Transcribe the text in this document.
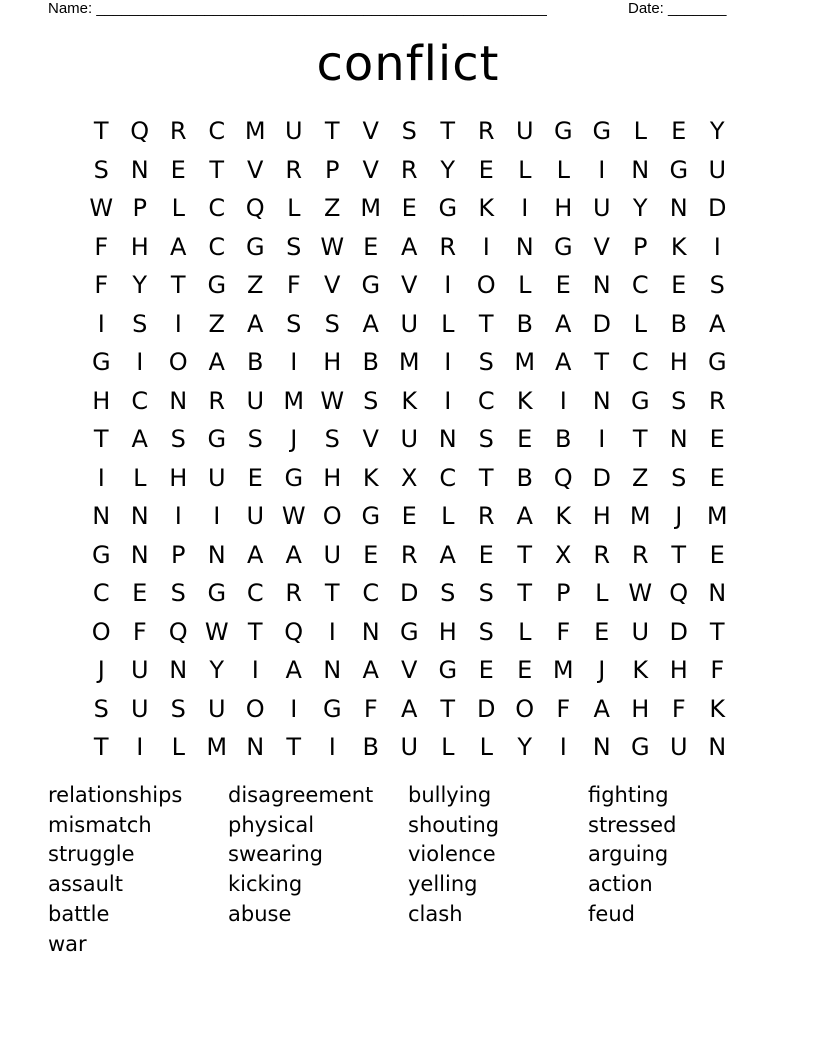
Name: ______________________________________________________	Date: _______
conflict
T Q R C M U T V S T R U G G L	E Y
S N E T V R P V R Y E	L	L	I	N G U
W P	L C Q L Z M E G K	I	H U Y N D
F H A C G S W E A R	I	N G V P K	I
F	Y T G Z F V G V	I	O L	E N C E S
I	S	I	Z A S S A U L	T B A D L B A
G	I	O A B	I	H B M	I	S M A T C H G
H C N R U M W S K	I	C K	I	N G S R
T A S G S	J	S V U N S E B	I	T N E
I	L H U E G H K X C T B Q D Z S E
N N	I	I	U W O G E	L R A K H M	J	M
G N P N A A U E R A E T X R R T E
C E S G C R T C D S S T P	L W Q N
O F Q W T Q	I	N G H S	L	F	E U D T
J	U N Y	I	A N A V G E E M	J	K H F
S U S U O	I	G F A T D O F A H F K
T	I	L M N T	I	B U L	L	Y	I	N G U N
relationships	disagreement	bullying	fighting
mismatch	physical	shouting	stressed
struggle	swearing	violence	arguing
assault	kicking	yelling	action
battle	abuse	clash	feud
war
